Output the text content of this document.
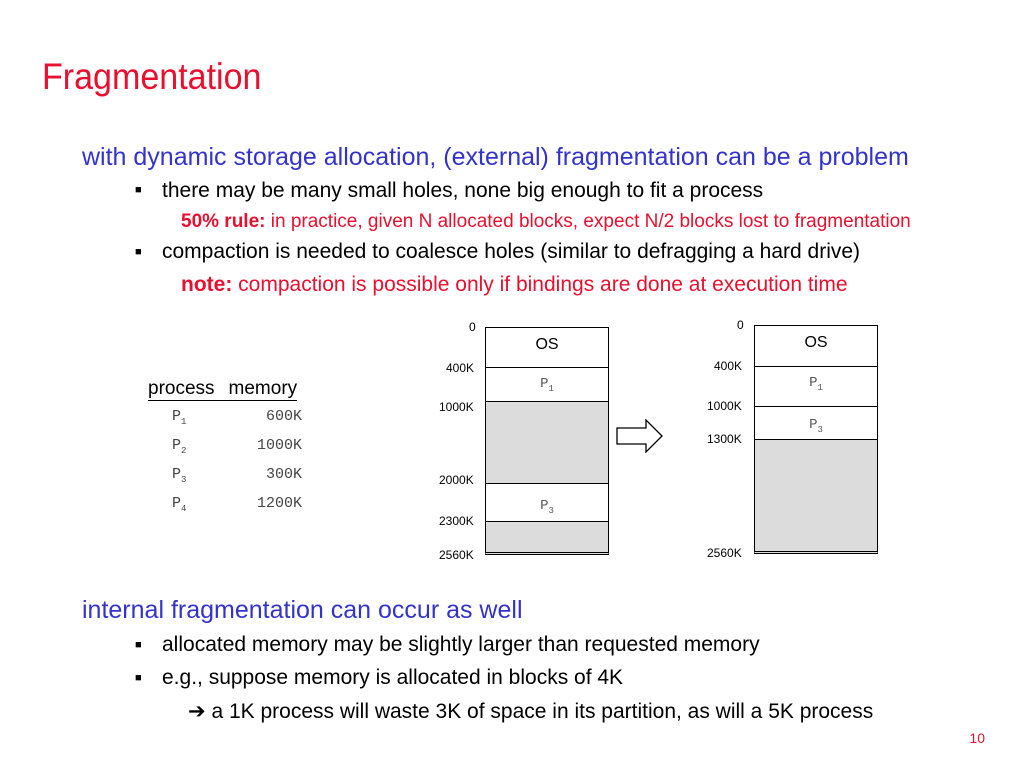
Fragmentation
with dynamic storage allocation, (external) fragmentation can be a problem
■ there may be many small holes, none big enough to fit a process
50% rule: in practice, given N allocated blocks, expect N/2 blocks lost to fragmentation
■ compaction is needed to coalesce holes (similar to defragging a hard drive)
note: compaction is possible only if bindings are done at execution time
process memory
$P_1$	600K
$P_2$	1000K
$P_3$	300K
$P_4$	1200K
0
400K
1000K
2000K
2300K
2560K
OS
$P_1$
$P_3$
0
400K
1000K
1300K
2560K
OS
$P_1$
$P_3$
internal fragmentation can occur as well
■ allocated memory may be slightly larger than requested memory
■ e.g., suppose memory is allocated in blocks of 4K
➔ a 1K process will waste 3K of space in its partition, as will a 5K process
10
